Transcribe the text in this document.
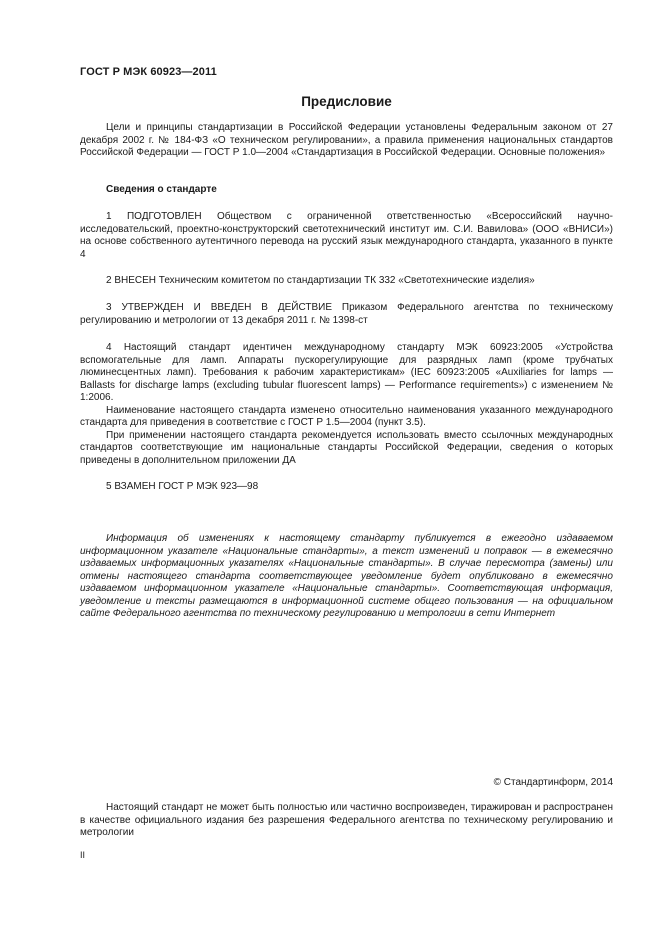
ГОСТ Р МЭК 60923—2011
Предисловие

Цели и принципы стандартизации в Российской Федерации установлены Федеральным законом от 27 декабря 2002 г. № 184-ФЗ «О техническом регулировании», а правила применения национальных стандартов Российской Федерации — ГОСТ Р 1.0—2004 «Стандартизация в Российской Федерации. Основные положения»

Сведения о стандарте

1 ПОДГОТОВЛЕН Обществом с ограниченной ответственностью «Всероссийский научно-исследовательский, проектно-конструкторский светотехнический институт им. С.И. Вавилова» (ООО «ВНИСИ») на основе собственного аутентичного перевода на русский язык международного стандарта, указанного в пункте 4

2 ВНЕСЕН Техническим комитетом по стандартизации ТК 332 «Светотехнические изделия»

3 УТВЕРЖДЕН И ВВЕДЕН В ДЕЙСТВИЕ Приказом Федерального агентства по техническому регулированию и метрологии от 13 декабря 2011 г. № 1398-ст

4 Настоящий стандарт идентичен международному стандарту МЭК 60923:2005 «Устройства вспомогательные для ламп. Аппараты пускорегулирующие для разрядных ламп (кроме трубчатых люминесцентных ламп). Требования к рабочим характеристикам» (IEC 60923:2005 «Auxiliaries for lamps — Ballasts for discharge lamps (excluding tubular fluorescent lamps) — Performance requirements») с изменением № 1:2006.

Наименование настоящего стандарта изменено относительно наименования указанного международного стандарта для приведения в соответствие с ГОСТ Р 1.5—2004 (пункт 3.5).

При применении настоящего стандарта рекомендуется использовать вместо ссылочных международных стандартов соответствующие им национальные стандарты Российской Федерации, сведения о которых приведены в дополнительном приложении ДА

5 ВЗАМЕН ГОСТ Р МЭК 923—98

Информация об изменениях к настоящему стандарту публикуется в ежегодно издаваемом информационном указателе «Национальные стандарты», а текст изменений и поправок — в ежемесячно издаваемых информационных указателях «Национальные стандарты». В случае пересмотра (замены) или отмены настоящего стандарта соответствующее уведомление будет опубликовано в ежемесячно издаваемом информационном указателе «Национальные стандарты». Соответствующая информация, уведомление и тексты размещаются в информационной системе общего пользования — на официальном сайте Федерального агентства по техническому регулированию и метрологии в сети Интернет

© Стандартинформ, 2014

Настоящий стандарт не может быть полностью или частично воспроизведен, тиражирован и распространен в качестве официального издания без разрешения Федерального агентства по техническому регулированию и метрологии

II
